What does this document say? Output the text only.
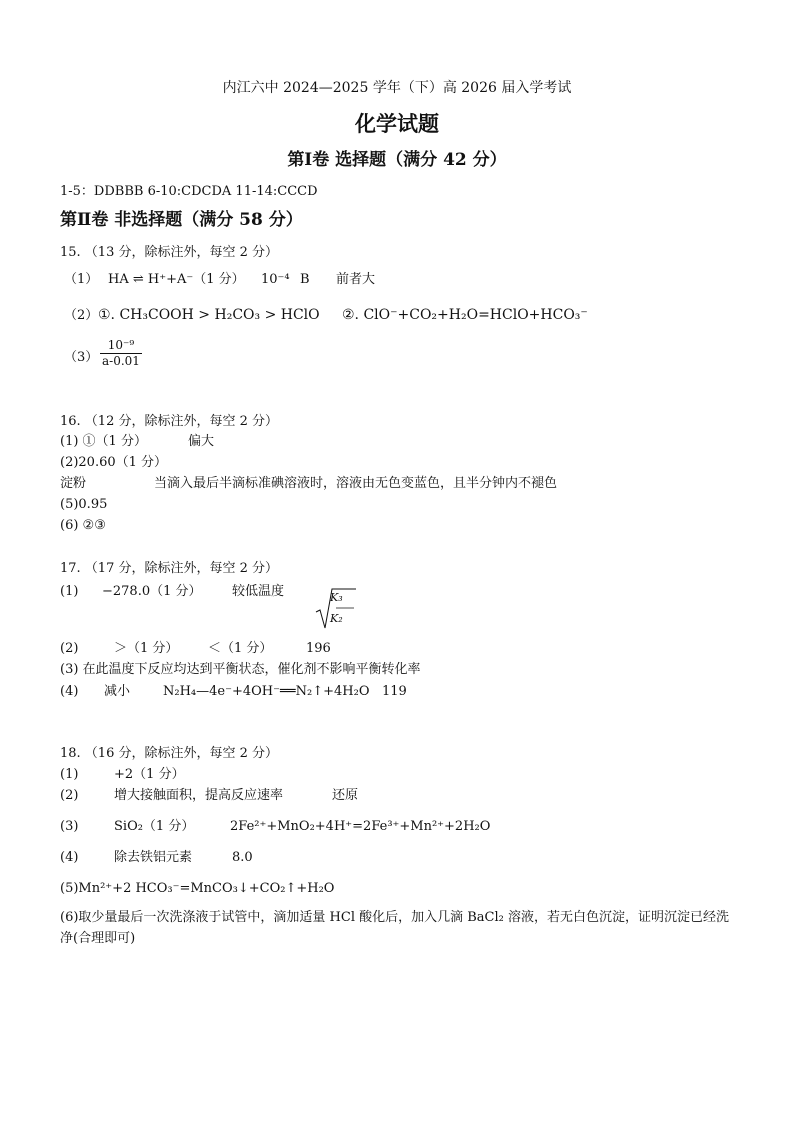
内江六中 2024—2025 学年（下）高 2026 届入学考试
化学试题
第Ⅰ卷 选择题（满分 42 分）
1-5：DDBBB 6-10:CDCDA 11-14:CCCD
第Ⅱ卷 非选择题（满分 58 分）
15. （13 分，除标注外，每空 2 分）
（1） HA ⇌ H⁺+A⁻（1 分） 10⁻⁴ B 前者大
（2） ①. CH₃COOH > H₂CO₃ > HClO ②. ClO⁻+CO₂+H₂O=HClO+HCO₃⁻
$(3) \frac{\text{10⁻⁹}}{a-0.01}$
16. （12 分，除标注外，每空 2 分）
(1) ①（1 分）	偏大
(2)20.60（1 分）
淀粉	当滴入最后半滴标准碘溶液时，溶液由无色变蓝色，且半分钟内不褪色
(5)0.95
(6) ②③
17. （17 分，除标注外，每空 2 分）
(1) −278.0（1 分） 较低温度	K₃
K₂
(2)	＞（1 分） ＜（1 分）	196
(3) 在此温度下反应均达到平衡状态，催化剂不影响平衡转化率
(4) 减小	N₂H₄—4e⁻+4OH⁻══N₂↑+4H₂O 119
18. （16 分，除标注外，每空 2 分）
(1)	+2（1 分）
(2)	增大接触面积，提高反应速率	还原
(3)	SiO₂（1 分）	2Fe²⁺+MnO₂+4H⁺=2Fe³⁺+Mn²⁺+2H₂O
(4)	除去铁铝元素	8.0
(5)Mn²⁺+2 HCO₃⁻=MnCO₃↓+CO₂↑+H₂O
(6)取少量最后一次洗涤液于试管中，滴加适量 HCl 酸化后，加入几滴 BaCl₂ 溶液，若无白色沉淀，证明沉淀已经洗净(合理即可)
